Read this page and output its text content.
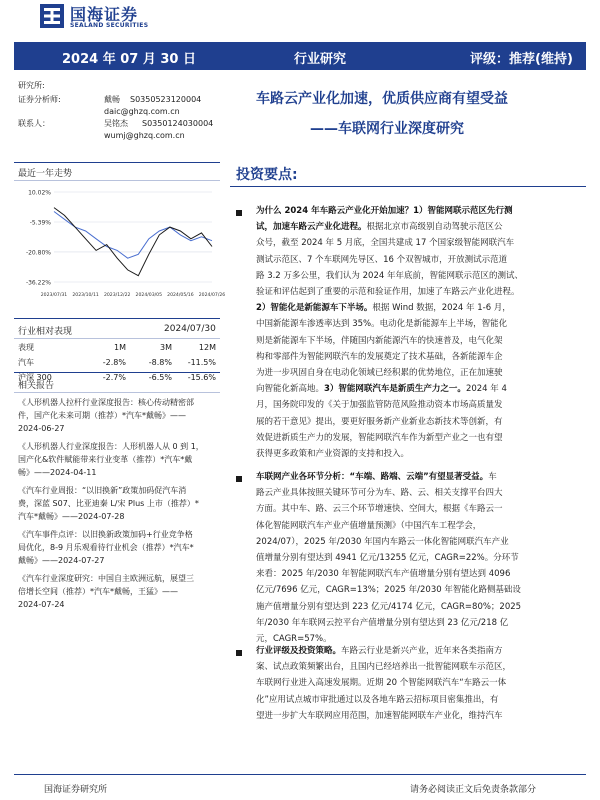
国海证券
SEALAND SECURITIES
2024 年 07 月 30 日	行业研究	评级：推荐(维持)
研究所:
证券分析师:	戴畅 S0350523120004
daic@ghzq.com.cn
联系人：	吴铭杰 S0350124030004
wumj@ghzq.com.cn
车路云产业化加速，优质供应商有望受益
——车联网行业深度研究
最近一年走势
10.02%
-5.39%
-20.80%
-36.22%
2023/07/31 2023/10/11 2023/12/22 2024/03/05 2024/05/16 2024/07/26
行业相对表现	2024/07/30
表现	1M	3M	12M
汽车	-2.8%	-8.8%	-11.5%
沪深 300	-2.7%	-6.5%	-15.6%
相关报告

《人形机器人拉杆行业深度报告：核心传动精密部

件，国产化未来可期（推荐）*汽车*戴畅》——

2024-06-27

《人形机器人行业深度报告：人形机器人从 0 到 1，

国产化&软件赋能带来行业变革（推荐）*汽车*戴

畅》——2024-04-11

《汽车行业周报：“以旧换新”政策加码促汽车消

费，深蓝 S07、比亚迪秦 L/宋 Plus 上市（推荐）*

汽车*戴畅》——2024-07-28

《汽车事件点评：以旧换新政策加码+行业竞争格

局优化，8-9 月乐观看待行业机会（推荐）*汽车*

戴畅》——2024-07-27

《汽车行业深度研究：中国自主欧洲远航，展望三

倍增长空间（推荐）*汽车*戴畅，王猛》——

2024-07-24

投资要点:
为什么 2024 年车路云产业化开始加速？1）智能网联示范区先行测
试，加速车路云产业化进程。根据北京市高级别自动驾驶示范区公
众号，截至 2024 年 5 月底，全国共建成 17 个国家级智能网联汽车
测试示范区、7 个车联网先导区、16 个双智城市，开放测试示范道
路 3.2 万多公里，我们认为 2024 年年底前，智能网联示范区的测试、
验证和评估起到了重要的示范和验证作用，加速了车路云产业化进程。
2）智能化是新能源车下半场。根据 Wind 数据，2024 年 1-6 月，
中国新能源车渗透率达到 35%。电动化是新能源车上半场，智能化
则是新能源车下半场，伴随国内新能源汽车的快速普及，电气化架
构和零部件为智能网联汽车的发展奠定了技术基础，各新能源车企
为进一步巩固自身在电动化领域已经积累的优势地位，正在加速驶
向智能化新高地。3）智能网联汽车是新质生产力之一。2024 年 4
月，国务院印发的《关于加强监管防范风险推动资本市场高质量发
展的若干意见》提出，要更好服务新产业新业态新技术等创新，有
效促进新质生产力的发展，智能网联汽车作为新型产业之一也有望
获得更多政策和产业资源的支持和投入。
车联网产业各环节分析：“车端、路端、云端”有望显著受益。车
路云产业具体按照关键环节可分为车、路、云、相关支撑平台四大
方面。其中车、路、云三个环节增速快、空间大，根据《车路云一
体化智能网联汽车产业产值增量预测》（中国汽车工程学会，
2024/07），2025 年/2030 年国内车路云一体化智能网联汽车产业
值增量分别有望达到 4941 亿元/13255 亿元，CAGR=22%。分环节
来看：2025 年/2030 年智能网联汽车产值增量分别有望达到 4096
亿元/7696 亿元，CAGR=13%；2025 年/2030 年智能化路侧基础设
施产值增量分别有望达到 223 亿元/4174 亿元，CAGR=80%；2025
年/2030 年车联网云控平台产值增量分别有望达到 23 亿元/218 亿
元，CAGR=57%。
行业评级及投资策略。车路云行业是新兴产业，近年来各类指南方
案、试点政策频繁出台，且国内已经培养出一批智能网联车示范区，
车联网行业进入高速发展期。近期 20 个智能网联汽车“车路云一体
化”应用试点城市审批通过以及各地车路云招标项目密集推出，有
望进一步扩大车联网应用范围，加速智能网联车产业化，维持汽车
国海证券研究所	请务必阅读正文后免责条款部分
